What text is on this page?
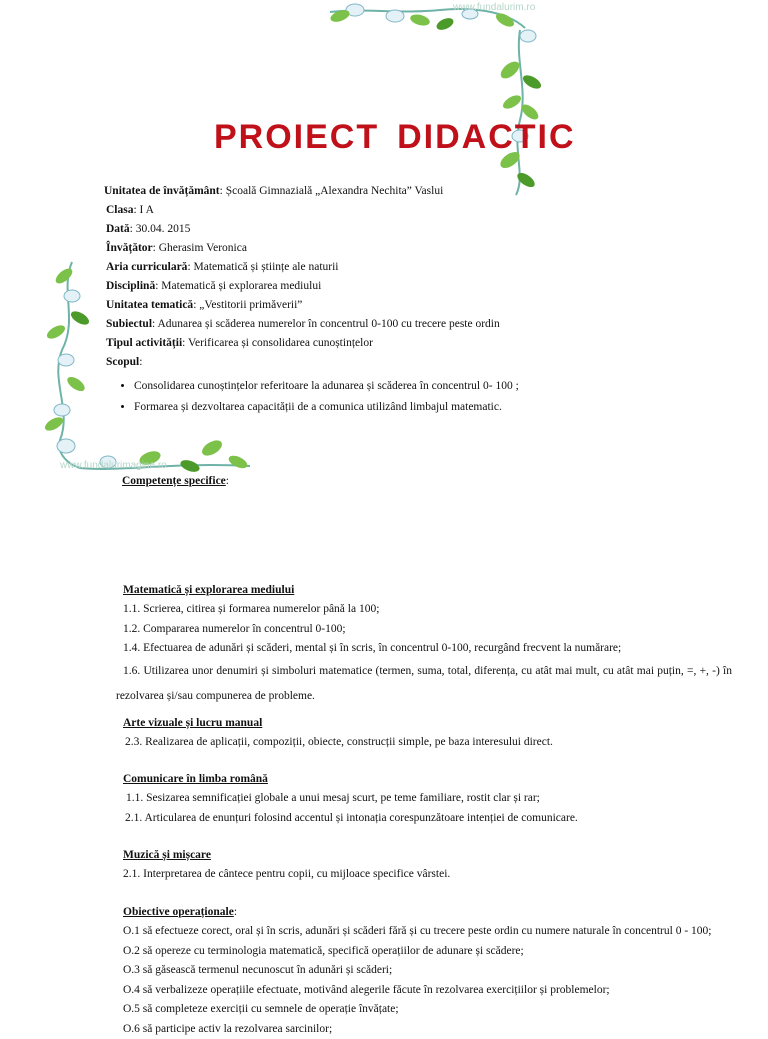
www.fundalurim.ro
www.fundalurimagine.ro
PROIECT DIDACTIC
Unitatea de învățământ: Școală Gimnazială „Alexandra Nechita” Vaslui
Clasa: I A
Dată: 30.04. 2015
Învățător: Gherasim Veronica
Aria curriculară: Matematică și științe ale naturii
Disciplină: Matematică și explorarea mediului
Unitatea tematică: „Vestitorii primăverii”
Subiectul: Adunarea și scăderea numerelor în concentrul 0-100 cu trecere peste ordin
Tipul activității: Verificarea și consolidarea cunoștințelor
Scopul:
• Consolidarea cunoștințelor referitoare la adunarea și scăderea în concentrul 0- 100 ;
• Formarea și dezvoltarea capacității de a comunica utilizând limbajul matematic.
Competențe specifice:
Matematică și explorarea mediului
1.1. Scrierea, citirea și formarea numerelor până la 100;
1.2. Compararea numerelor în concentrul 0-100;
1.4. Efectuarea de adunări și scăderi, mental și în scris, în concentrul 0-100, recurgând frecvent la numărare;
1.6. Utilizarea unor denumiri și simboluri matematice (termen, suma, total, diferența, cu atât mai mult, cu atât mai puțin, =, +, -) în rezolvarea și/sau compunerea de probleme.
Arte vizuale și lucru manual
2.3. Realizarea de aplicații, compoziții, obiecte, construcții simple, pe baza interesului direct.
Comunicare în limba română
1.1. Sesizarea semnificației globale a unui mesaj scurt, pe teme familiare, rostit clar și rar;
2.1. Articularea de enunțuri folosind accentul și intonația corespunzătoare intenției de comunicare.
Muzică și mișcare
2.1. Interpretarea de cântece pentru copii, cu mijloace specifice vârstei.
Obiective operaționale:
O.1 să efectueze corect, oral și în scris, adunări și scăderi fără și cu trecere peste ordin cu numere naturale în concentrul 0 - 100;
O.2 să opereze cu terminologia matematică, specifică operațiilor de adunare și scădere;
O.3 să găsească termenul necunoscut în adunări și scăderi;
O.4 să verbalizeze operațiile efectuate, motivând alegerile făcute în rezolvarea exercițiilor și problemelor;
O.5 să completeze exerciții cu semnele de operație învățate;
O.6 să participe activ la rezolvarea sarcinilor;
